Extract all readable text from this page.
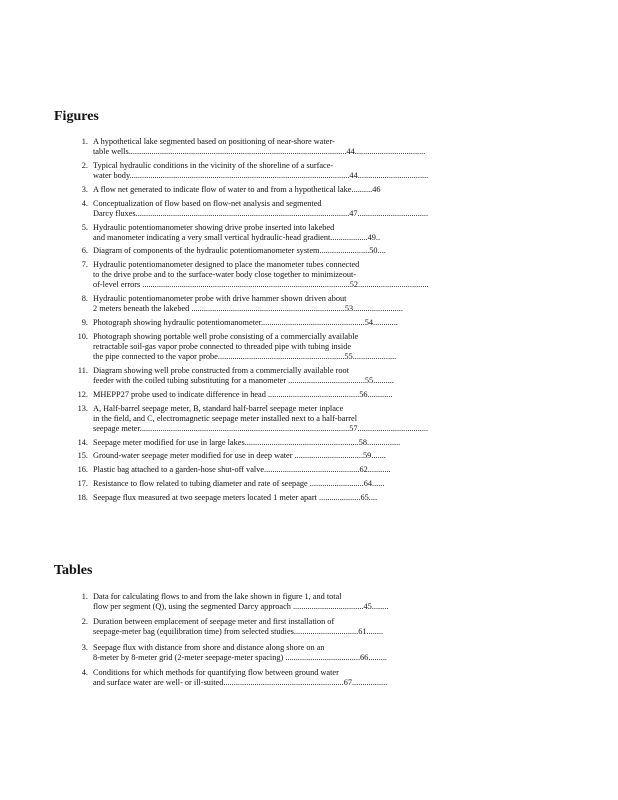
Figures
1. A hypothetical lake segmented based on positioning of near-shore water-
table wells.........................................................................................................44..................................
2. Typical hydraulic conditions in the vicinity of the shoreline of a surface-
water body..........................................................................................................44..................................
3. A flow net generated to indicate flow of water to and from a hypothetical lake..........46
4. Conceptualization of flow based on flow-net analysis and segmented
Darcy fluxes.......................................................................................................47..................................
5. Hydraulic potentiomanometer showing drive probe inserted into lakebed
and manometer indicating a very small vertical hydraulic-head gradient..................49..
6. Diagram of components of the hydraulic potentiomanometer system........................50....
7. Hydraulic potentiomanometer designed to place the manometer tubes connected
to the drive probe and to the surface-water body close together to minimizeout-
of-level errors ....................................................................................................52..................................
8. Hydraulic potentiomanometer probe with drive hammer shown driven about
2 meters beneath the lakebed ..........................................................................53........................
9. Photograph showing hydraulic potentiomanometer..................................................54............
10. Photograph showing portable well probe consisting of a commercially available
retractable soil-gas vapor probe connected to threaded pipe with tubing inside
the pipe connected to the vapor probe.............................................................55.....................
11. Diagram showing well probe constructed from a commercially available root
feeder with the coiled tubing substituting for a manometer .....................................55..........
12. MHEPP27 probe used to indicate difference in head ............................................56............
13. A, Half-barrel seepage meter, B, standard half-barrel seepage meter inplace
in the field, and C, electromagnetic seepage meter installed next to a half-barrel
seepage meter.....................................................................................................57..................................
14. Seepage meter modified for use in large lakes.......................................................58................
15. Ground-water seepage meter modified for use in deep water .................................59.......
16. Plastic bag attached to a garden-hose shut-off valve..............................................62...........
17. Resistance to flow related to tubing diameter and rate of seepage ..........................64......
18. Seepage flux measured at two seepage meters located 1 meter apart ....................65....
Tables
1. Data for calculating flows to and from the lake shown in figure 1, and total
flow per segment (Q), using the segmented Darcy approach ..................................45........
2. Duration between emplacement of seepage meter and first installation of
seepage-meter bag (equilibration time) from selected studies...............................61........
3. Seepage flux with distance from shore and distance along shore on an
8-meter by 8-meter grid (2-meter seepage-meter spacing) ....................................66.........
4. Conditions for which methods for quantifying flow between ground water
and surface water are well- or ill-suited..........................................................67.................
